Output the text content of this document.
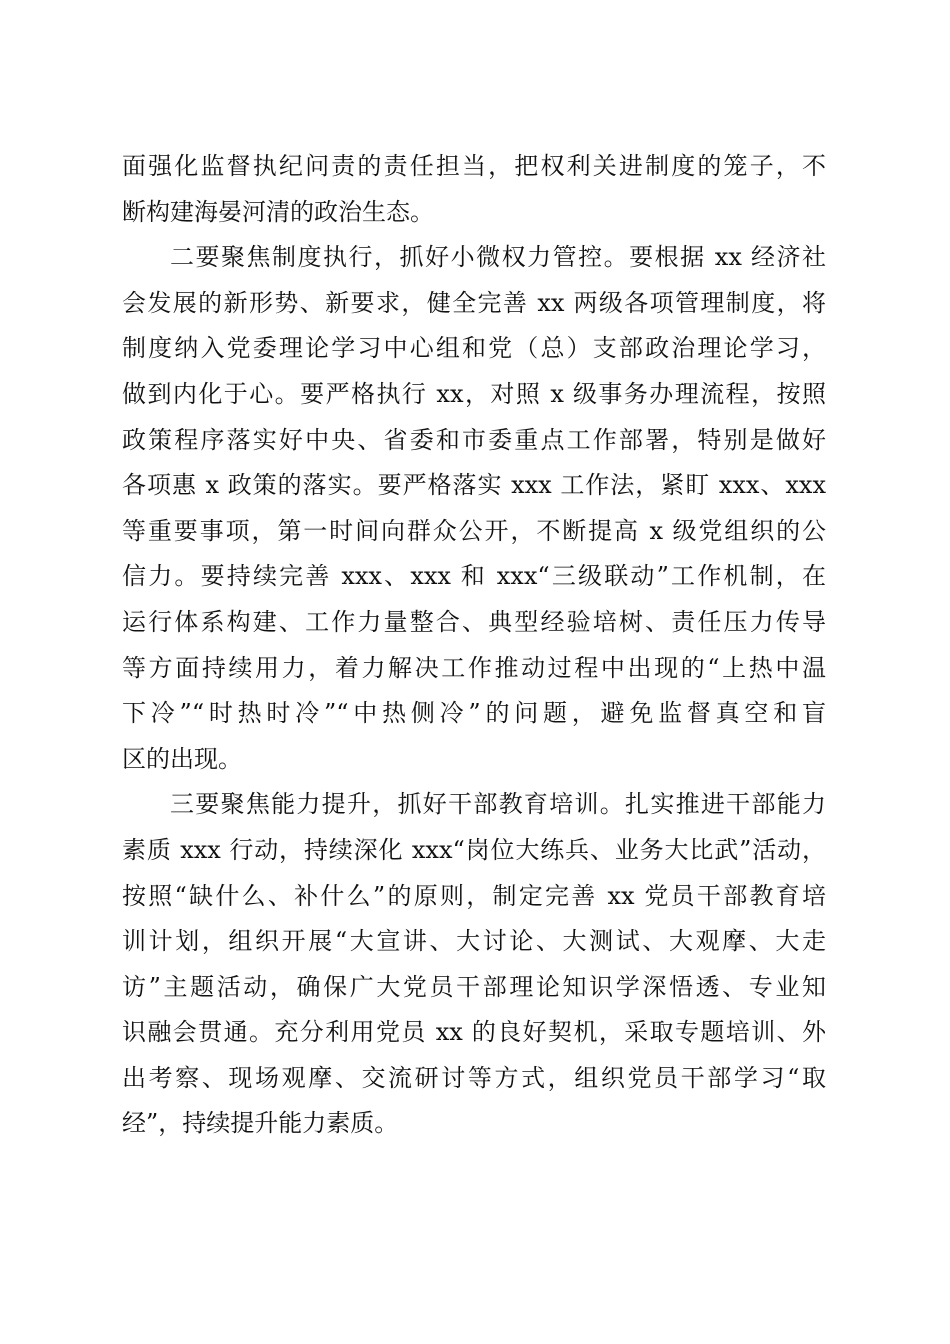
面强化监督执纪问责的责任担当，把权利关进制度的笼子，不
断构建海晏河清的政治生态。
二要聚焦制度执行，抓好小微权力管控。要根据 xx 经济社
会发展的新形势、新要求，健全完善 xx 两级各项管理制度，将
制度纳入党委理论学习中心组和党（总）支部政治理论学习，
做到内化于心。要严格执行 xx，对照 x 级事务办理流程，按照
政策程序落实好中央、省委和市委重点工作部署，特别是做好
各项惠 x 政策的落实。要严格落实 xxx 工作法，紧盯 xxx、xxx
等重要事项，第一时间向群众公开，不断提高 x 级党组织的公
信力。要持续完善 xxx、xxx 和 xxx“三级联动”工作机制，在
运行体系构建、工作力量整合、典型经验培树、责任压力传导
等方面持续用力，着力解决工作推动过程中出现的“上热中温
下冷”“时热时冷”“中热侧冷”的问题，避免监督真空和盲
区的出现。
三要聚焦能力提升，抓好干部教育培训。扎实推进干部能力
素质 xxx 行动，持续深化 xxx“岗位大练兵、业务大比武”活动，
按照“缺什么、补什么”的原则，制定完善 xx 党员干部教育培
训计划，组织开展“大宣讲、大讨论、大测试、大观摩、大走
访”主题活动，确保广大党员干部理论知识学深悟透、专业知
识融会贯通。充分利用党员 xx 的良好契机，采取专题培训、外
出考察、现场观摩、交流研讨等方式，组织党员干部学习“取
经”，持续提升能力素质。
